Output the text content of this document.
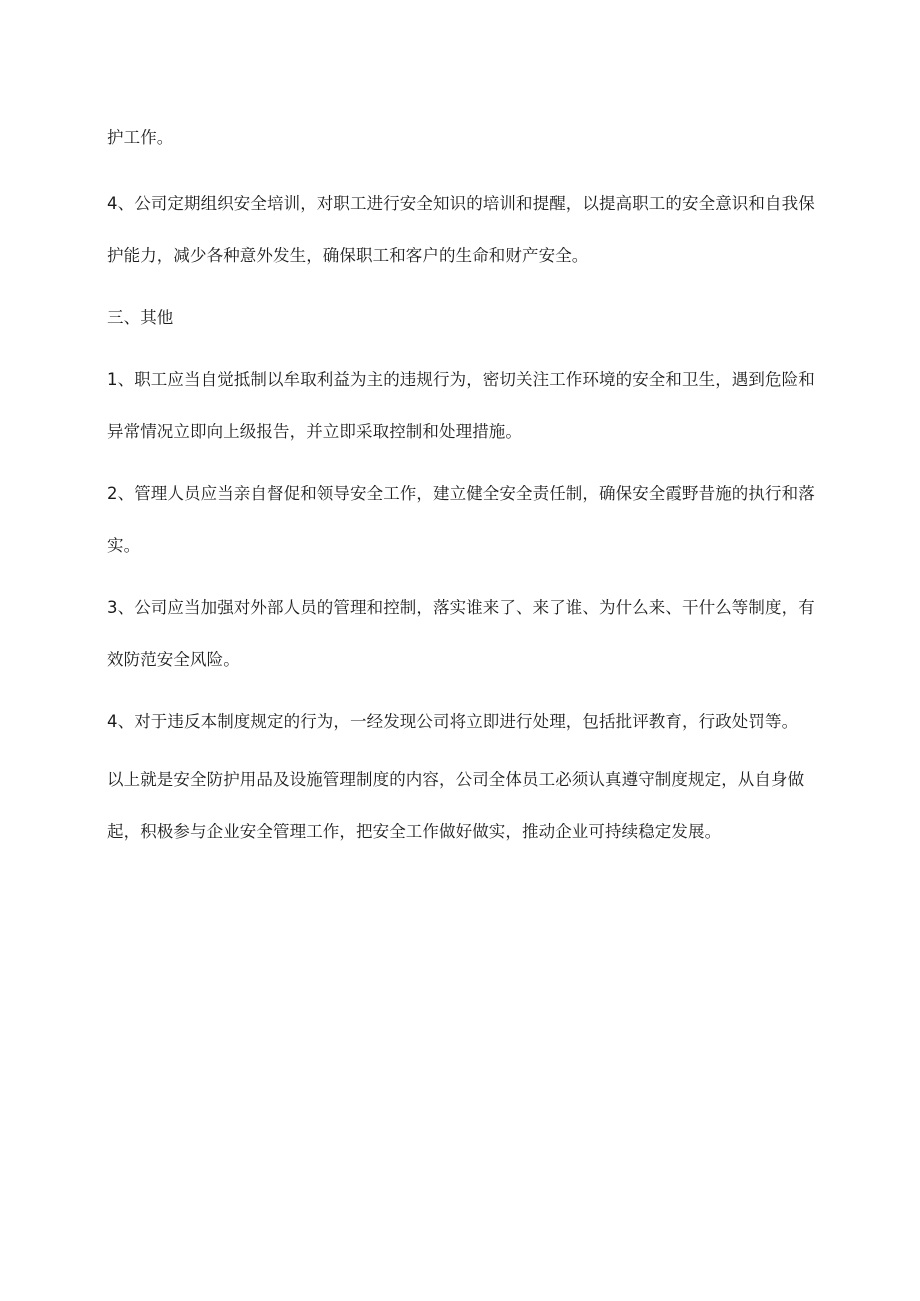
护工作。

4、公司定期组织安全培训，对职工进行安全知识的培训和提醒，以提高职工的安全意识和自我保护能力，减少各种意外发生，确保职工和客户的生命和财产安全。

三、其他

1、职工应当自觉抵制以牟取利益为主的违规行为，密切关注工作环境的安全和卫生，遇到危险和异常情况立即向上级报告，并立即采取控制和处理措施。

2、管理人员应当亲自督促和领导安全工作，建立健全安全责任制，确保安全霞野昔施的执行和落实。

3、公司应当加强对外部人员的管理和控制，落实谁来了、来了谁、为什么来、干什么等制度，有效防范安全风险。

4、对于违反本制度规定的行为，一经发现公司将立即进行处理，包括批评教育，行政处罚等。

以上就是安全防护用品及设施管理制度的内容，公司全体员工必须认真遵守制度规定，从自身做起，积极参与企业安全管理工作，把安全工作做好做实，推动企业可持续稳定发展。
